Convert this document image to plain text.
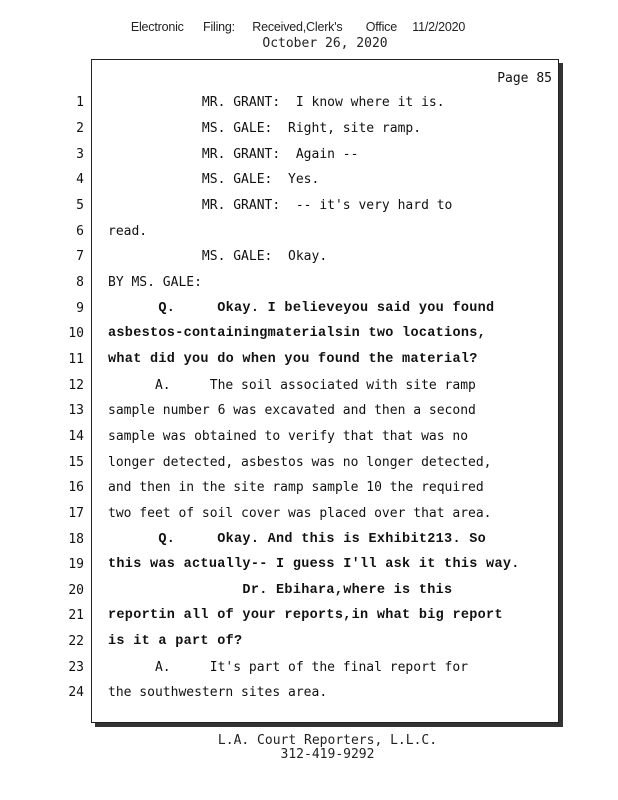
Electronic Filing: Received,Clerk's Office 11/2/2020
October 26, 2020
Page 85
1
2
3
4
5
6
7
8
9
10
11
12
13
14
15
16
17
18
19
20
21
22
23
24
MR. GRANT:  I know where it is.
MS. GALE:  Right, site ramp.
MR. GRANT:  Again --
MS. GALE:  Yes.
MR. GRANT:  -- it's very hard to
read.
MS. GALE:  Okay.
BY MS. GALE:
Q.     Okay. I believeyou said you found
asbestos-containingmaterialsin two locations,
what did you do when you found the material?
A.     The soil associated with site ramp
sample number 6 was excavated and then a second
sample was obtained to verify that that was no
longer detected, asbestos was no longer detected,
and then in the site ramp sample 10 the required
two feet of soil cover was placed over that area.
Q.     Okay. And this is Exhibit213. So
this was actually-- I guess I'll ask it this way.
Dr. Ebihara,where is this
reportin all of your reports,in what big report
is it a part of?
A.     It's part of the final report for
the southwestern sites area.
L.A. Court Reporters, L.L.C.
312-419-9292
